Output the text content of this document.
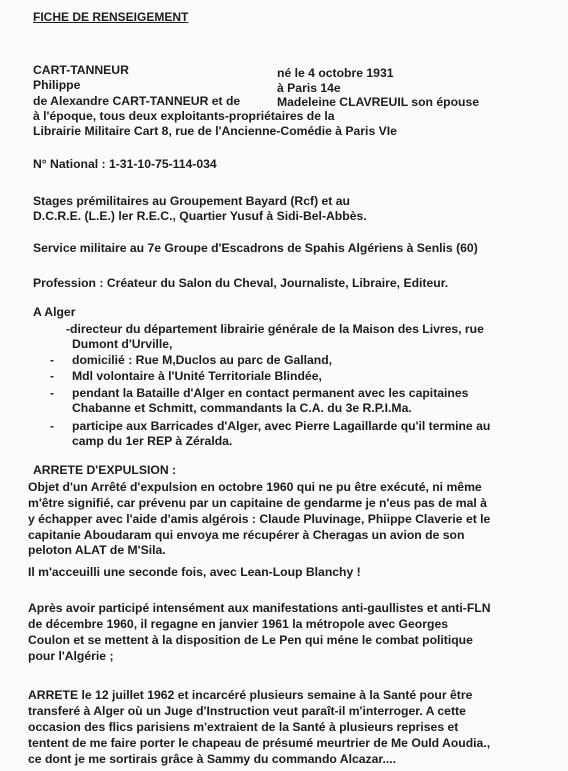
FICHE DE RENSEIGEMENT
CART-TANNEUR	né le 4 octobre 1931
Philippe	à Paris 14e
de Alexandre CART-TANNEUR et de	Madeleine CLAVREUIL son épouse
à l'époque, tous deux exploitants-propriétaires de la
Librairie Militaire Cart 8, rue de l'Ancienne-Comédie à Paris VIe
N° National : 1-31-10-75-114-034
Stages prémilitaires au Groupement Bayard (Rcf) et au
D.C.R.E. (L.E.) ler R.E.C., Quartier Yusuf à Sidi-Bel-Abbès.
Service militaire au 7e Groupe d'Escadrons de Spahis Algériens à Senlis (60)
Profession : Créateur du Salon du Cheval, Journaliste, Libraire, Editeur.
A Alger
-directeur du département librairie générale de la Maison des Livres, rue
Dumont d'Urville,
- domicilié : Rue M,Duclos au parc de Galland,
- Mdl volontaire à l'Unité Territoriale Blindée,
- pendant la Bataille d'Alger en contact permanent avec les capitaines
Chabanne et Schmitt, commandants la C.A. du 3e R.P.I.Ma.
- participe aux Barricades d'Alger, avec Pierre Lagaillarde qu'il termine au
camp du 1er REP à Zéralda.
ARRETE D'EXPULSION :
Objet d'un Arrêté d'expulsion en octobre 1960 qui ne pu être exécuté, ni même
m'être signifié, car prévenu par un capitaine de gendarme je n'eus pas de mal à
y échapper avec l'aide d'amis algérois : Claude Pluvinage, Phiippe Claverie et le
capitanie Aboudaram qui envoya me récupérer à Cheragas un avion de son
peloton ALAT de M'Sila.
Il m'acceuilli une seconde fois, avec Lean-Loup Blanchy !
Après avoir participé intensément aux manifestations anti-gaullistes et anti-FLN
de décembre 1960, il regagne en janvier 1961 la métropole avec Georges
Coulon et se mettent à la disposition de Le Pen qui méne le combat politique
pour l'Algérie ;
ARRETE le 12 juillet 1962 et incarcéré plusieurs semaine à la Santé pour être
transferé à Alger où un Juge d'Instruction veut paraît-il m'interroger. A cette
occasion des flics parisiens m'extraient de la Santé à plusieurs reprises et
tentent de me faire porter le chapeau de présumé meurtrier de Me Ould Aoudia.,
ce dont je me sortirais grâce à Sammy du commando Alcazar....
